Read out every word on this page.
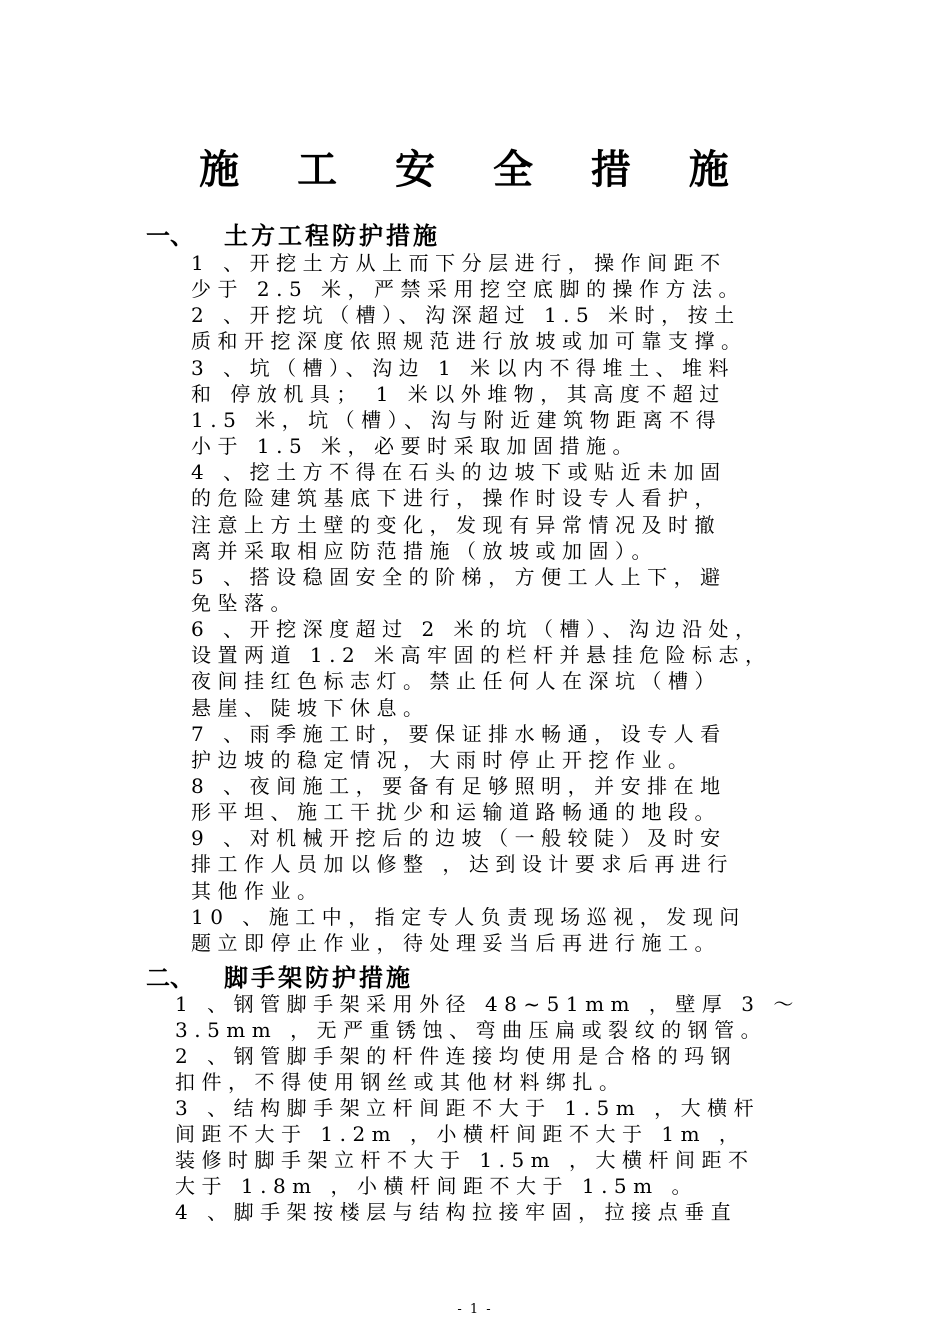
施 工 安 全 措 施
一、 土方工程防护措施
1 、开挖土方从上而下分层进行，操作间距不
少于 2.5 米，严禁采用挖空底脚的操作方法。
2 、开挖坑（槽）、沟深超过 1.5 米时，按土
质和开挖深度依照规范进行放坡或加可靠支撑。
3 、坑（槽）、沟边 1 米以内不得堆土、堆料
和 停放机具； 1 米以外堆物，其高度不超过
1.5 米，坑（槽）、沟与附近建筑物距离不得
小于 1.5 米，必要时采取加固措施。
4 、挖土方不得在石头的边坡下或贴近未加固
的危险建筑基底下进行，操作时设专人看护，
注意上方土壁的变化，发现有异常情况及时撤
离并采取相应防范措施（放坡或加固）。
5 、搭设稳固安全的阶梯，方便工人上下，避
免坠落。
6 、开挖深度超过 2 米的坑（槽）、沟边沿处，
设置两道 1.2 米高牢固的栏杆并悬挂危险标志，
夜间挂红色标志灯。禁止任何人在深坑（槽）
悬崖、陡坡下休息。
7 、雨季施工时，要保证排水畅通，设专人看
护边坡的稳定情况，大雨时停止开挖作业。
8 、夜间施工，要备有足够照明，并安排在地
形平坦、施工干扰少和运输道路畅通的地段。
9 、对机械开挖后的边坡（一般较陡）及时安
排工作人员加以修整 ，达到设计要求后再进行
其他作业。
10 、施工中，指定专人负责现场巡视，发现问
题立即停止作业，待处理妥当后再进行施工。
二、 脚手架防护措施
1 、钢管脚手架采用外径 48~51mm ，壁厚 3 ～
3.5mm ，无严重锈蚀、弯曲压扁或裂纹的钢管。
2 、钢管脚手架的杆件连接均使用是合格的玛钢
扣件，不得使用钢丝或其他材料绑扎。
3 、结构脚手架立杆间距不大于 1.5m ，大横杆
间距不大于 1.2m ，小横杆间距不大于 1m ，
装修时脚手架立杆不大于 1.5m ，大横杆间距不
大于 1.8m ，小横杆间距不大于 1.5m 。
4 、脚手架按楼层与结构拉接牢固，拉接点垂直
- 1 -
